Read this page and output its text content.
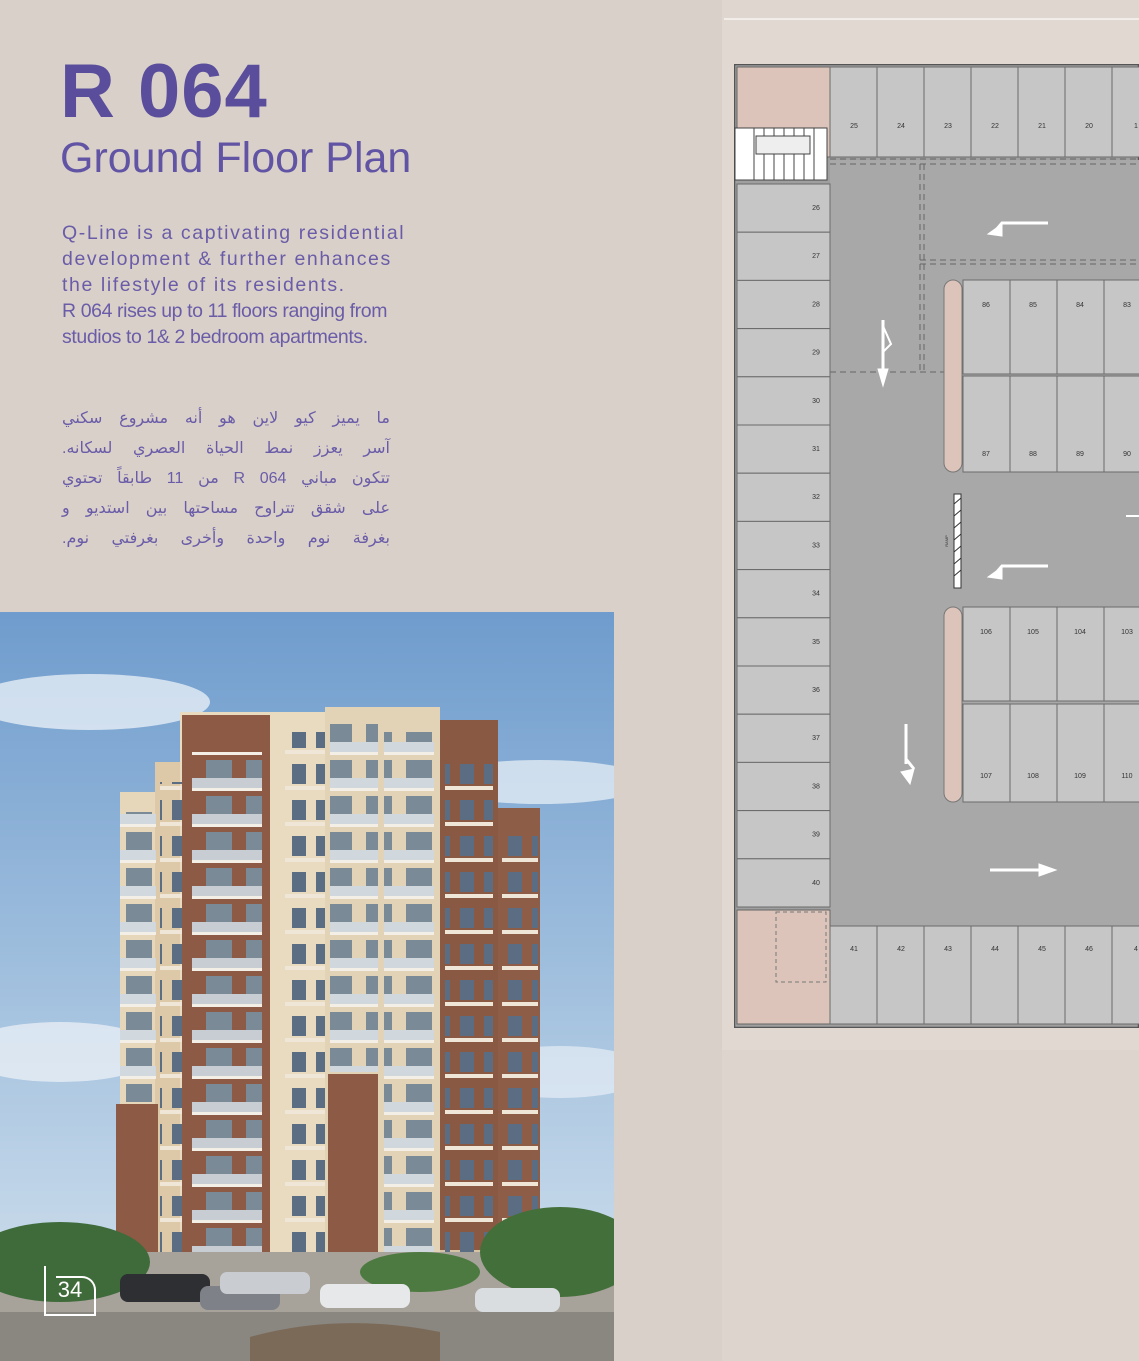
R 064
Ground Floor Plan
Q-Line is a captivating residential
development & further enhances
the lifestyle of its residents.
R 064 rises up to 11 floors ranging from
studios to 1& 2 bedroom apartments.
ما يميز كيو لاين هو أنه مشروع سكني
آسر يعزز نمط الحياة العصري لسكانه.
تتكون مباني R 064 من 11 طابقاً تحتوي
على شقق تتراوح مساحتها بين استديو و
بغرفة نوم واحدة وأخرى بغرفتي نوم.
34
25	24	23	22	21	20	1
26
27
28
29
30
31
32
33
34
35
36
37
38
39
40
41	42	43	44	45	46	4
86	85	84	83
87	88	89	90
106	105	104	103
107	108	109	110
RAMP
